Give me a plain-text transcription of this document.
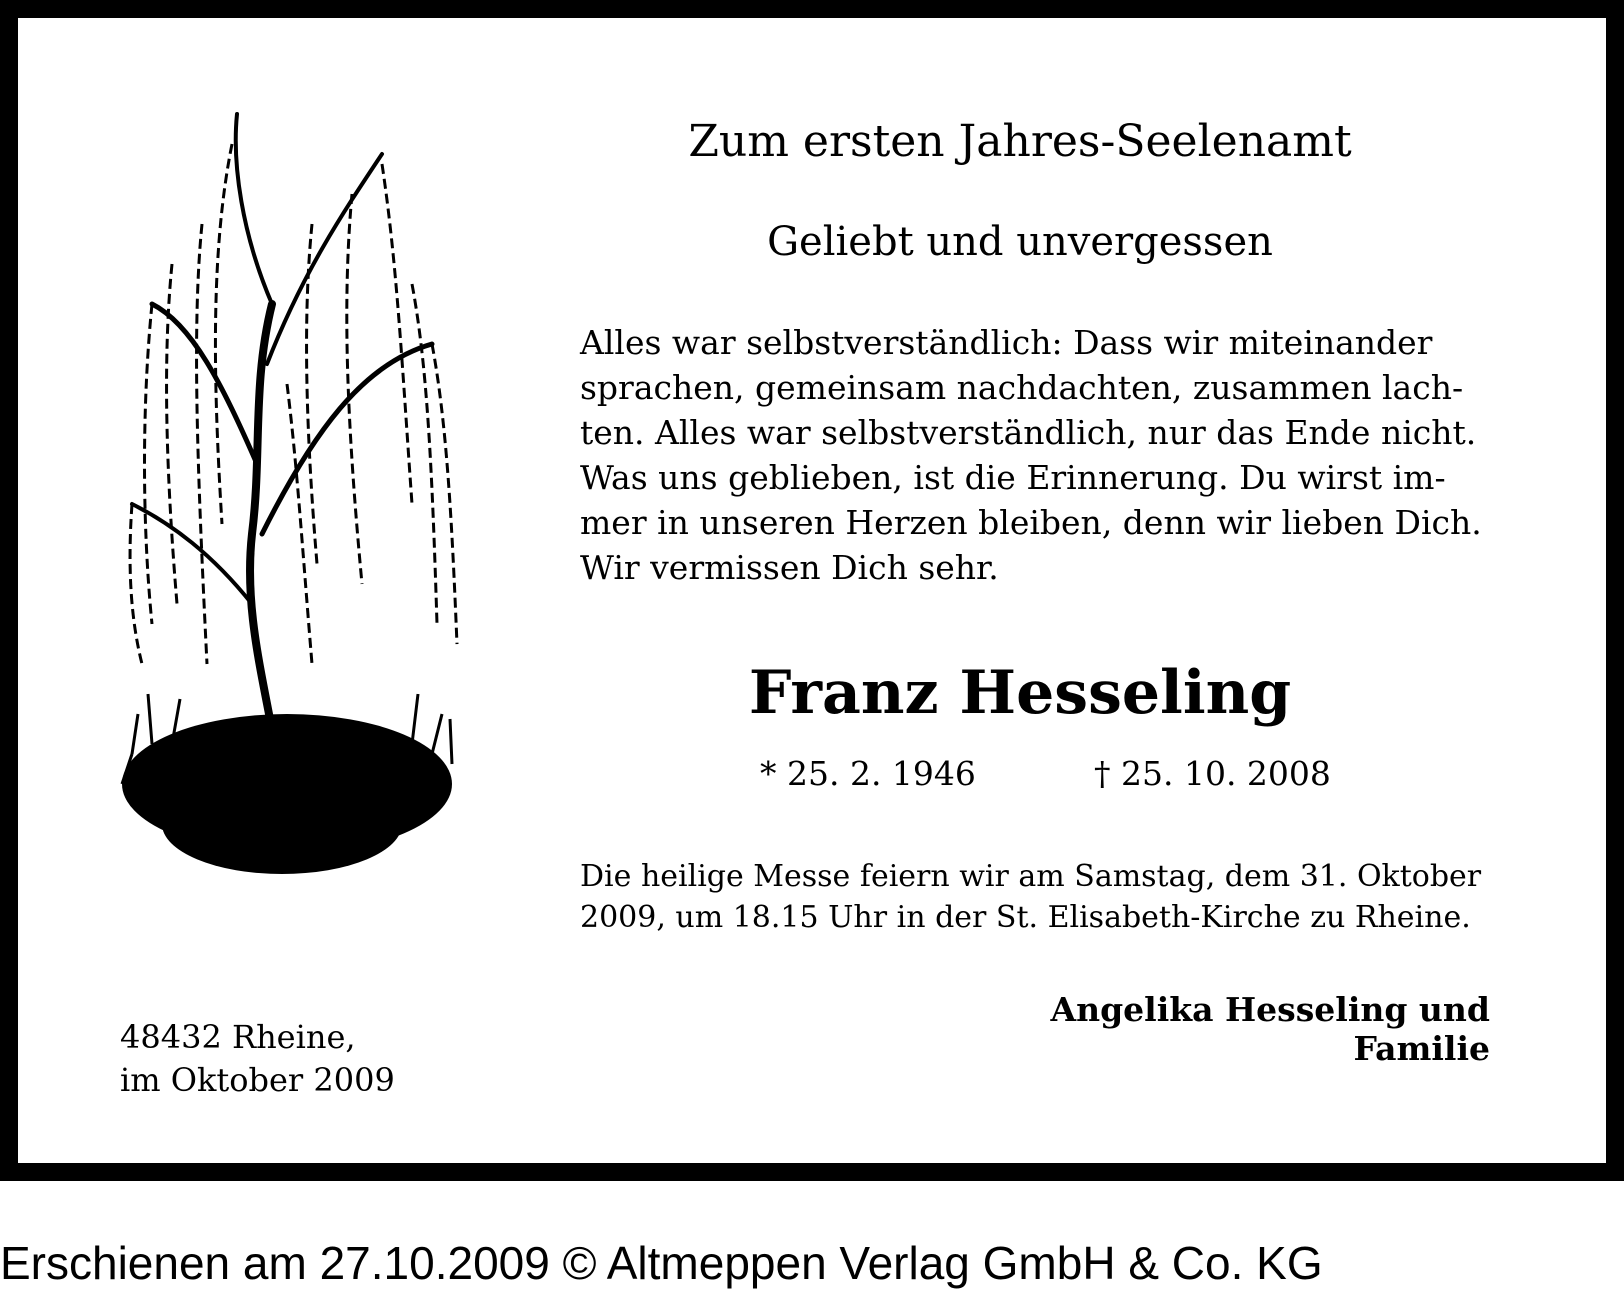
Zum ersten Jahres-Seelenamt
Geliebt und unvergessen
Alles war selbstverständlich: Dass wir miteinander
sprachen, gemeinsam nachdachten, zusammen lach-
ten. Alles war selbstverständlich, nur das Ende nicht.
Was uns geblieben, ist die Erinnerung. Du wirst im-
mer in unseren Herzen bleiben, denn wir lieben Dich.
Wir vermissen Dich sehr.
Franz Hesseling
* 25. 2. 1946	† 25. 10. 2008
Die heilige Messe feiern wir am Samstag, dem 31. Oktober
2009, um 18.15 Uhr in der St. Elisabeth-Kirche zu Rheine.
Angelika Hesseling und Familie
48432 Rheine,
im Oktober 2009
Erschienen am 27.10.2009 © Altmeppen Verlag GmbH & Co. KG
